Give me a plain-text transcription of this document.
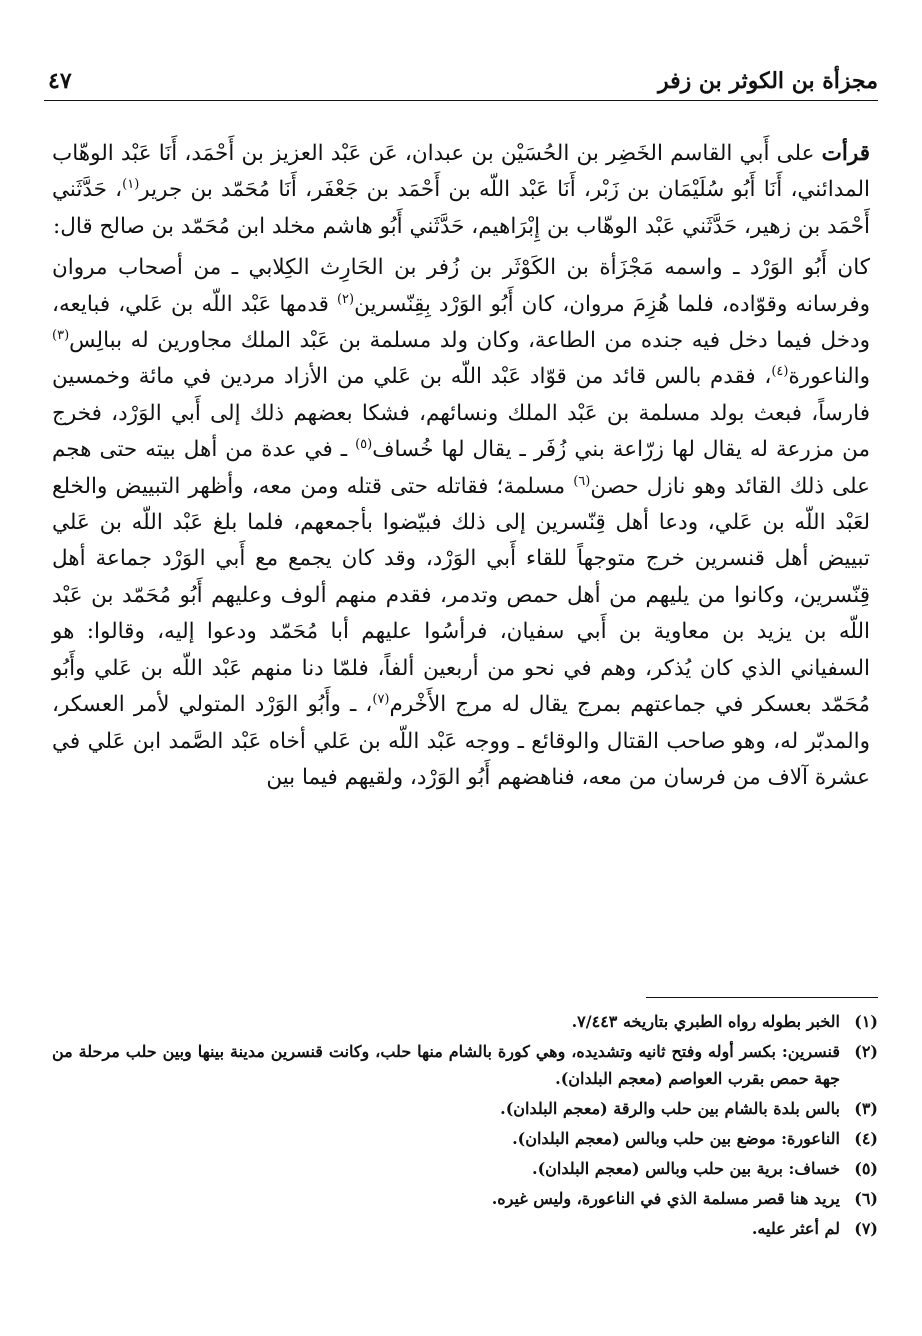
مجزأة بن الكوثر بن زفر
٤٧

قرأت على أَبي القاسم الخَضِر بن الحُسَيْن بن عبدان، عَن عَبْد العزيز بن أَحْمَد، أَنَا عَبْد الوهّاب المدائني، أَنَا أَبُو سُلَيْمَان بن زَبْر، أَنَا عَبْد اللّه بن أَحْمَد بن جَعْفَر، أَنَا مُحَمّد بن جرير$^{(١)}$، حَدَّثَني أَحْمَد بن زهير، حَدَّثَني عَبْد الوهّاب بن إِبْرَاهيم، حَدَّثَني أَبُو هاشم مخلد ابن مُحَمّد بن صالح قال:

كان أَبُو الوَرْد ـ واسمه مَجْزَأة بن الكَوْثَر بن زُفر بن الحَارِث الكِلابي ـ من أصحاب مروان وفرسانه وقوّاده، فلما هُزِمَ مروان، كان أَبُو الوَرْد بِقِنّسرين$^{(٢)}$ قدمها عَبْد اللّه بن عَلي، فبايعه، ودخل فيما دخل فيه جنده من الطاعة، وكان ولد مسلمة بن عَبْد الملك مجاورين له ببالِس$^{(٣)}$ والناعورة$^{(٤)}$، فقدم بالس قائد من قوّاد عَبْد اللّه بن عَلي من الأزاد مردين في مائة وخمسين فارساً، فبعث بولد مسلمة بن عَبْد الملك ونسائهم، فشكا بعضهم ذلك إلى أَبي الوَرْد، فخرج من مزرعة له يقال لها زرّاعة بني زُفَر ـ يقال لها خُساف$^{(٥)}$ ـ في عدة من أهل بيته حتى هجم على ذلك القائد وهو نازل حصن$^{(٦)}$ مسلمة؛ فقاتله حتى قتله ومن معه، وأظهر التبييض والخلع لعَبْد اللّه بن عَلي، ودعا أهل قِنّسرين إلى ذلك فبيّضوا بأجمعهم، فلما بلغ عَبْد اللّه بن عَلي تبييض أهل قنسرين خرج متوجهاً للقاء أَبي الوَرْد، وقد كان يجمع مع أَبي الوَرْد جماعة أهل قِنّسرين، وكانوا من يليهم من أهل حمص وتدمر، فقدم منهم ألوف وعليهم أَبُو مُحَمّد بن عَبْد اللّه بن يزيد بن معاوية بن أَبي سفيان، فرأسُوا عليهم أبا مُحَمّد ودعوا إليه، وقالوا: هو السفياني الذي كان يُذكر، وهم في نحو من أربعين ألفاً، فلمّا دنا منهم عَبْد اللّه بن عَلي وأَبُو مُحَمّد بعسكر في جماعتهم بمرج يقال له مرج الأَخْرم$^{(٧)}$، ـ وأَبُو الوَرْد المتولي لأمر العسكر، والمدبّر له، وهو صاحب القتال والوقائع ـ ووجه عَبْد اللّه بن عَلي أخاه عَبْد الصَّمد ابن عَلي في عشرة آلاف من فرسان من معه، فناهضهم أَبُو الوَرْد، ولقيهم فيما بين

(١)
الخبر بطوله رواه الطبري بتاريخه ٧/٤٤٣.
(٢)
قنسرين: بكسر أوله وفتح ثانيه وتشديده، وهي كورة بالشام منها حلب، وكانت قنسرين مدينة بينها وبين حلب مرحلة من جهة حمص بقرب العواصم (معجم البلدان).
(٣)
بالس بلدة بالشام بين حلب والرقة (معجم البلدان).
(٤)
الناعورة: موضع بين حلب وبالس (معجم البلدان).
(٥)
خساف: برية بين حلب وبالس (معجم البلدان).
(٦)
يريد هنا قصر مسلمة الذي في الناعورة، وليس غيره.
(٧)
لم أعثر عليه.
